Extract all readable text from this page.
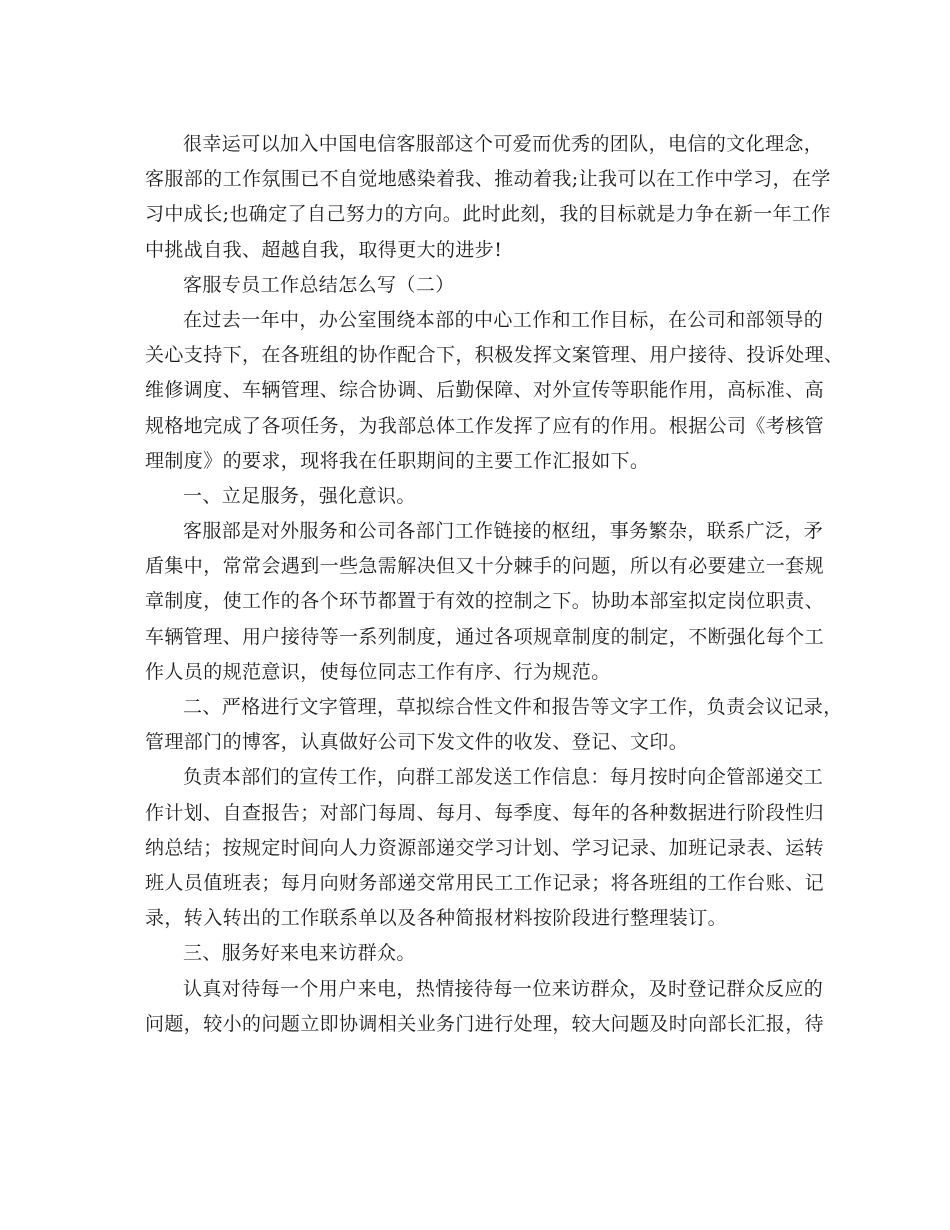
很幸运可以加入中国电信客服部这个可爱而优秀的团队，电信的文化理念，
客服部的工作氛围已不自觉地感染着我、推动着我;让我可以在工作中学习，在学
习中成长;也确定了自己努力的方向。此时此刻，我的目标就是力争在新一年工作
中挑战自我、超越自我，取得更大的进步!
客服专员工作总结怎么写（二）
在过去一年中，办公室围绕本部的中心工作和工作目标，在公司和部领导的
关心支持下，在各班组的协作配合下，积极发挥文案管理、用户接待、投诉处理、
维修调度、车辆管理、综合协调、后勤保障、对外宣传等职能作用，高标准、高
规格地完成了各项任务，为我部总体工作发挥了应有的作用。根据公司《考核管
理制度》的要求，现将我在任职期间的主要工作汇报如下。
一、立足服务，强化意识。
客服部是对外服务和公司各部门工作链接的枢纽，事务繁杂，联系广泛，矛
盾集中，常常会遇到一些急需解决但又十分棘手的问题，所以有必要建立一套规
章制度，使工作的各个环节都置于有效的控制之下。协助本部室拟定岗位职责、
车辆管理、用户接待等一系列制度，通过各项规章制度的制定，不断强化每个工
作人员的规范意识，使每位同志工作有序、行为规范。
二、严格进行文字管理，草拟综合性文件和报告等文字工作，负责会议记录，
管理部门的博客，认真做好公司下发文件的收发、登记、文印。
负责本部们的宣传工作，向群工部发送工作信息：每月按时向企管部递交工
作计划、自查报告；对部门每周、每月、每季度、每年的各种数据进行阶段性归
纳总结；按规定时间向人力资源部递交学习计划、学习记录、加班记录表、运转
班人员值班表；每月向财务部递交常用民工工作记录；将各班组的工作台账、记
录，转入转出的工作联系单以及各种简报材料按阶段进行整理装订。
三、服务好来电来访群众。
认真对待每一个用户来电，热情接待每一位来访群众，及时登记群众反应的
问题，较小的问题立即协调相关业务门进行处理，较大问题及时向部长汇报，待
